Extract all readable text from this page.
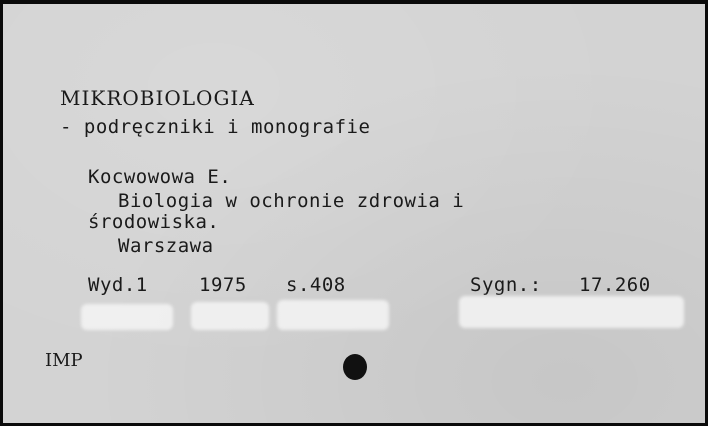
MIKROBIOLOGIA
- podręczniki i monografie
Kocwowowa E.
Biologia w ochronie zdrowia i
środowiska.
Warszawa
Wyd.1	1975 s.408	Sygn.: 17.260
IMP
